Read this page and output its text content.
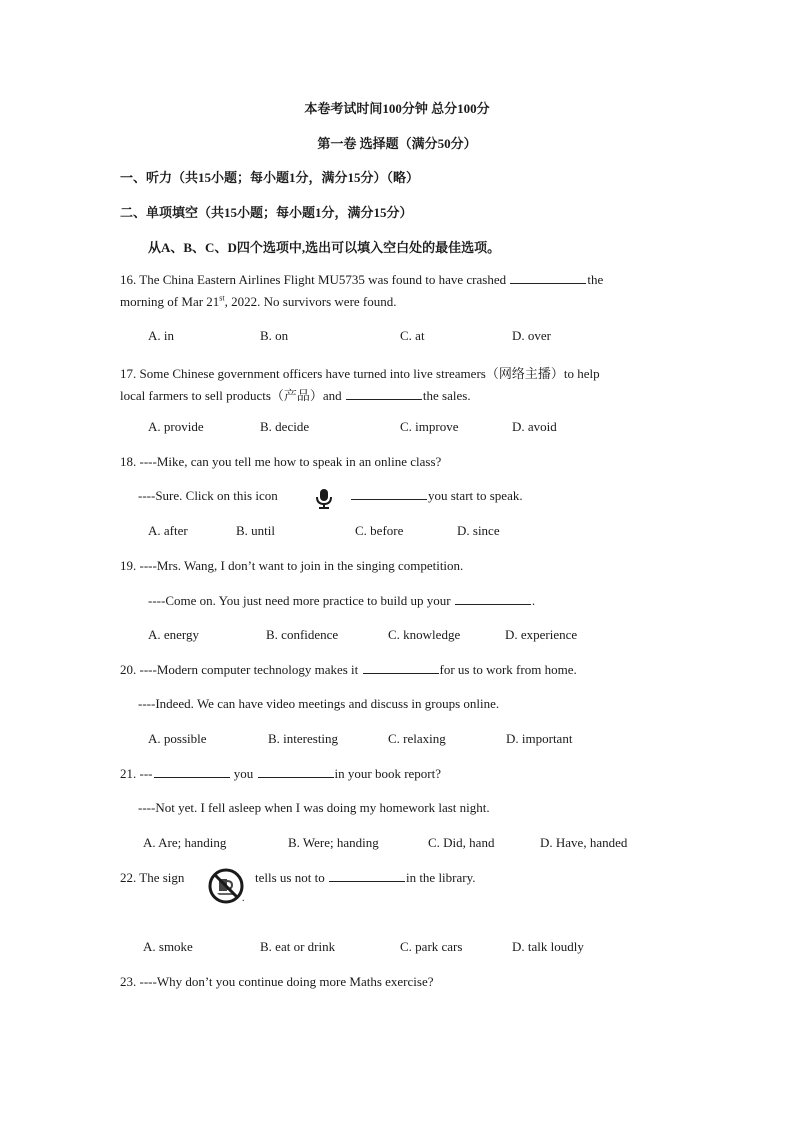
本卷考试时间100分钟 总分100分
第一卷 选择题（满分50分）
一、听力（共15小题；每小题1分，满分15分）（略）
二、单项填空（共15小题；每小题1分，满分15分）
从A、B、C、D四个选项中,选出可以填入空白处的最佳选项。
16. The China Eastern Airlines Flight MU5735 was found to have crashed	the
morning of Mar 21st, 2022. No survivors were found.
A. in	B. on	C. at	D. over
17. Some Chinese government officers have turned into live streamers（网络主播）to help
local farmers to sell products（产品）and	the sales.
A. provide	B. decide	C. improve	D. avoid
18. ----Mike, can you tell me how to speak in an online class?
----Sure. Click on this icon	you start to speak.
A. after	B. until	C. before	D. since
19. ----Mrs. Wang, I don’t want to join in the singing competition.
----Come on. You just need more practice to build up your	.
A. energy	B. confidence	C. knowledge	D. experience
20. ----Modern computer technology makes it	for us to work from home.
----Indeed. We can have video meetings and discuss in groups online.
A. possible	B. interesting	C. relaxing	D. important
21. ---	you	in your book report?
----Not yet. I fell asleep when I was doing my homework last night.
A. Are; handing	B. Were; handing	C. Did, hand	D. Have, handed
22. The sign
.
tells us not to	in the library.
A. smoke	B. eat or drink	C. park cars	D. talk loudly
23. ----Why don’t you continue doing more Maths exercise?
